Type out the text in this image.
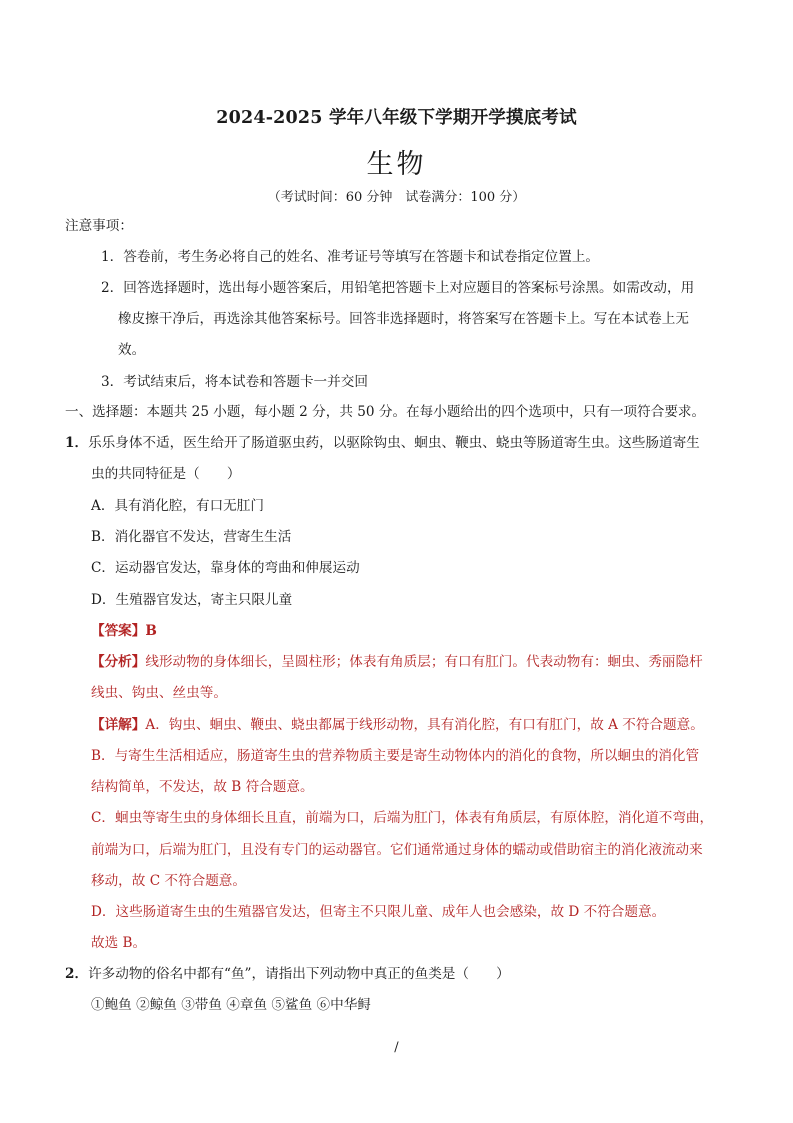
2024-2025 学年八年级下学期开学摸底考试
生物
（考试时间：60 分钟　试卷满分：100 分）
注意事项：
1．答卷前，考生务必将自己的姓名、准考证号等填写在答题卡和试卷指定位置上。
2．回答选择题时，选出每小题答案后，用铅笔把答题卡上对应题目的答案标号涂黑。如需改动，用
橡皮擦干净后，再选涂其他答案标号。回答非选择题时，将答案写在答题卡上。写在本试卷上无
效。
3．考试结束后，将本试卷和答题卡一并交回
一、选择题：本题共 25 小题，每小题 2 分，共 50 分。在每小题给出的四个选项中，只有一项符合要求。
1．乐乐身体不适，医生给开了肠道驱虫药，以驱除钩虫、蛔虫、鞭虫、蛲虫等肠道寄生虫。这些肠道寄生
虫的共同特征是（　　）
A．具有消化腔，有口无肛门
B．消化器官不发达，营寄生生活
C．运动器官发达，靠身体的弯曲和伸展运动
D．生殖器官发达，寄主只限儿童
【答案】B
【分析】线形动物的身体细长，呈圆柱形；体表有角质层；有口有肛门。代表动物有：蛔虫、秀丽隐杆
线虫、钩虫、丝虫等。
【详解】A．钩虫、蛔虫、鞭虫、蛲虫都属于线形动物，具有消化腔，有口有肛门，故 A 不符合题意。
B．与寄生生活相适应，肠道寄生虫的营养物质主要是寄生动物体内的消化的食物，所以蛔虫的消化管
结构简单，不发达，故 B 符合题意。
C．蛔虫等寄生虫的身体细长且直，前端为口，后端为肛门，体表有角质层，有原体腔，消化道不弯曲，
前端为口，后端为肛门，且没有专门的运动器官。它们通常通过身体的蠕动或借助宿主的消化液流动来
移动，故 C 不符合题意。
D．这些肠道寄生虫的生殖器官发达，但寄主不只限儿童、成年人也会感染，故 D 不符合题意。
故选 B。
2．许多动物的俗名中都有“鱼”，请指出下列动物中真正的鱼类是（　　）
①鲍鱼 ②鲸鱼 ③带鱼 ④章鱼 ⑤鲨鱼 ⑥中华鲟
/
